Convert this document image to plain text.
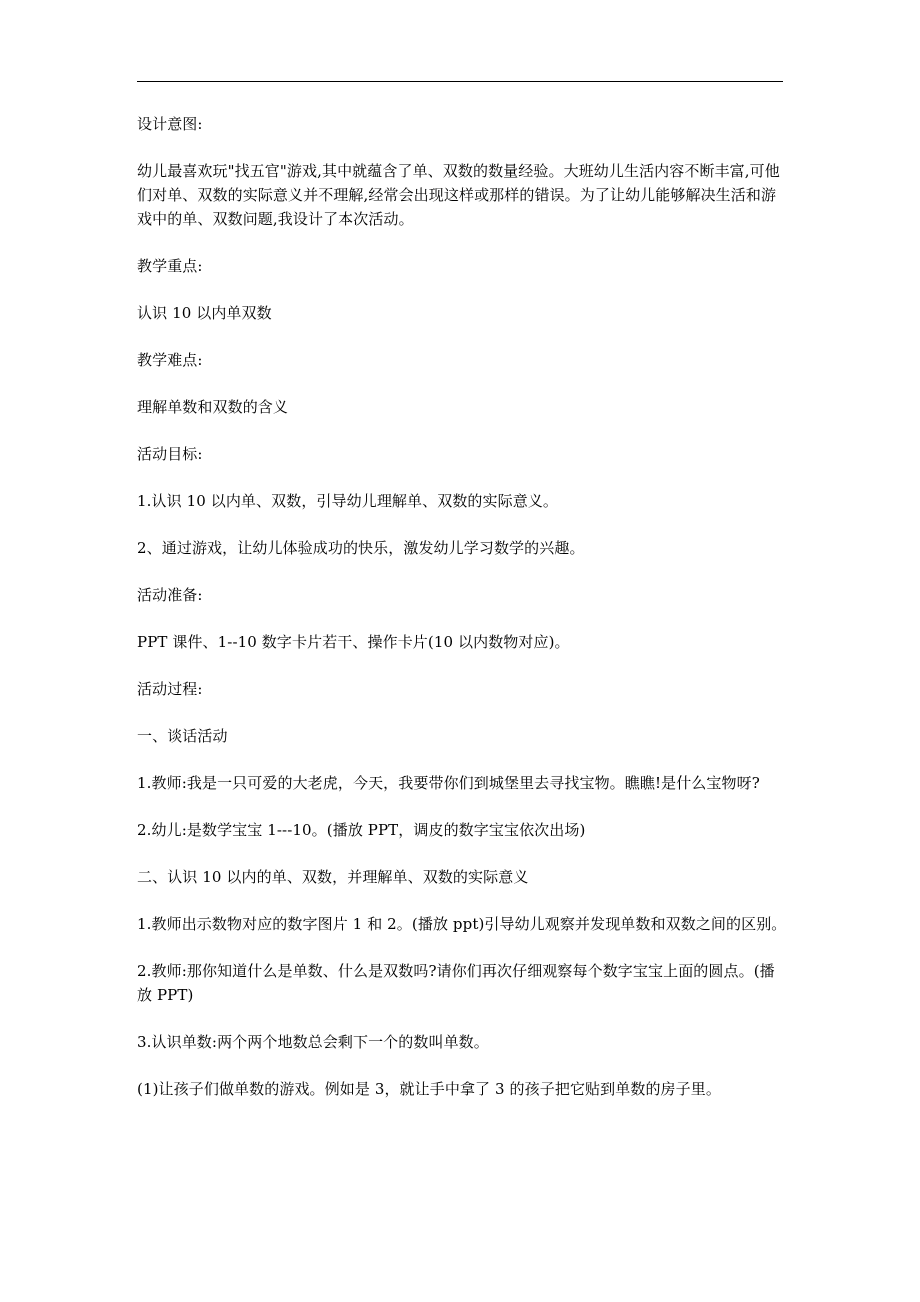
设计意图:

幼儿最喜欢玩"找五官"游戏,其中就蕴含了单、双数的数量经验。大班幼儿生活内容不断丰富,可他们对单、双数的实际意义并不理解,经常会出现这样或那样的错误。为了让幼儿能够解决生活和游戏中的单、双数问题,我设计了本次活动。

教学重点:

认识 10 以内单双数

教学难点:

理解单数和双数的含义

活动目标:

1.认识 10 以内单、双数，引导幼儿理解单、双数的实际意义。

2、通过游戏，让幼儿体验成功的快乐，激发幼儿学习数学的兴趣。

活动准备:

PPT 课件、1--10 数字卡片若干、操作卡片(10 以内数物对应)。

活动过程:

一、谈话活动

1.教师:我是一只可爱的大老虎，今天，我要带你们到城堡里去寻找宝物。瞧瞧!是什么宝物呀?

2.幼儿:是数学宝宝 1---10。(播放 PPT，调皮的数字宝宝依次出场)

二、认识 10 以内的单、双数，并理解单、双数的实际意义

1.教师出示数物对应的数字图片 1 和 2。(播放 ppt)引导幼儿观察并发现单数和双数之间的区别。

2.教师:那你知道什么是单数、什么是双数吗?请你们再次仔细观察每个数字宝宝上面的圆点。(播放 PPT)

3.认识单数:两个两个地数总会剩下一个的数叫单数。

(1)让孩子们做单数的游戏。例如是 3，就让手中拿了 3 的孩子把它贴到单数的房子里。
